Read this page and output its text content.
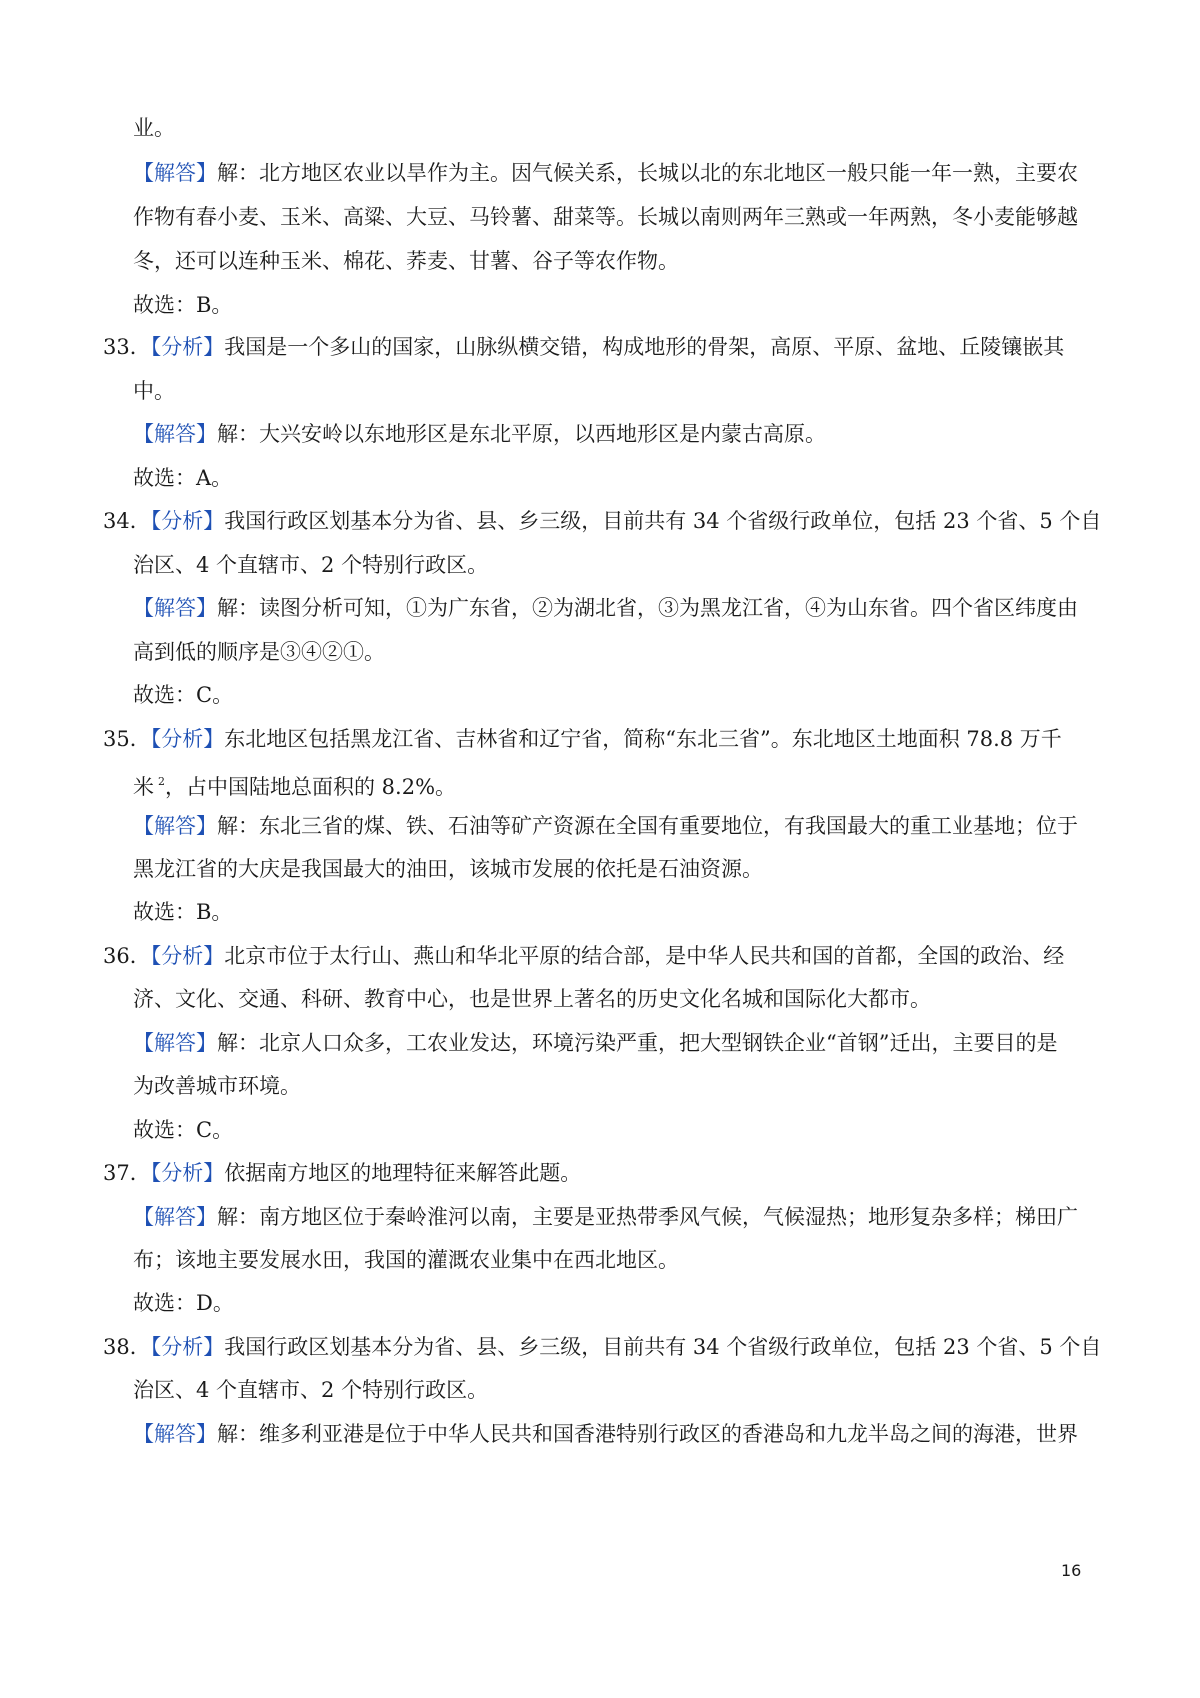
业。
【解答】解：北方地区农业以旱作为主。因气候关系，长城以北的东北地区一般只能一年一熟，主要农
作物有春小麦、玉米、高粱、大豆、马铃薯、甜菜等。长城以南则两年三熟或一年两熟，冬小麦能够越
冬，还可以连种玉米、棉花、荞麦、甘薯、谷子等农作物。
故选：B。
33．【分析】我国是一个多山的国家，山脉纵横交错，构成地形的骨架，高原、平原、盆地、丘陵镶嵌其
中。
【解答】解：大兴安岭以东地形区是东北平原，以西地形区是内蒙古高原。
故选：A。
34．【分析】我国行政区划基本分为省、县、乡三级，目前共有 34 个省级行政单位，包括 23 个省、5 个自
治区、4 个直辖市、2 个特别行政区。
【解答】解：读图分析可知，①为广东省，②为湖北省，③为黑龙江省，④为山东省。四个省区纬度由
高到低的顺序是③④②①。
故选：C。
35．【分析】东北地区包括黑龙江省、吉林省和辽宁省，简称“东北三省”。东北地区土地面积 78.8 万千
米 $^2$，占中国陆地总面积的 8.2%。
【解答】解：东北三省的煤、铁、石油等矿产资源在全国有重要地位，有我国最大的重工业基地；位于
黑龙江省的大庆是我国最大的油田，该城市发展的依托是石油资源。
故选：B。
36．【分析】北京市位于太行山、燕山和华北平原的结合部，是中华人民共和国的首都，全国的政治、经
济、文化、交通、科研、教育中心，也是世界上著名的历史文化名城和国际化大都市。
【解答】解：北京人口众多，工农业发达，环境污染严重，把大型钢铁企业“首钢”迁出，主要目的是
为改善城市环境。
故选：C。
37．【分析】依据南方地区的地理特征来解答此题。
【解答】解：南方地区位于秦岭淮河以南，主要是亚热带季风气候，气候湿热；地形复杂多样；梯田广
布；该地主要发展水田，我国的灌溉农业集中在西北地区。
故选：D。
38．【分析】我国行政区划基本分为省、县、乡三级，目前共有 34 个省级行政单位，包括 23 个省、5 个自
治区、4 个直辖市、2 个特别行政区。
【解答】解：维多利亚港是位于中华人民共和国香港特别行政区的香港岛和九龙半岛之间的海港，世界
16
